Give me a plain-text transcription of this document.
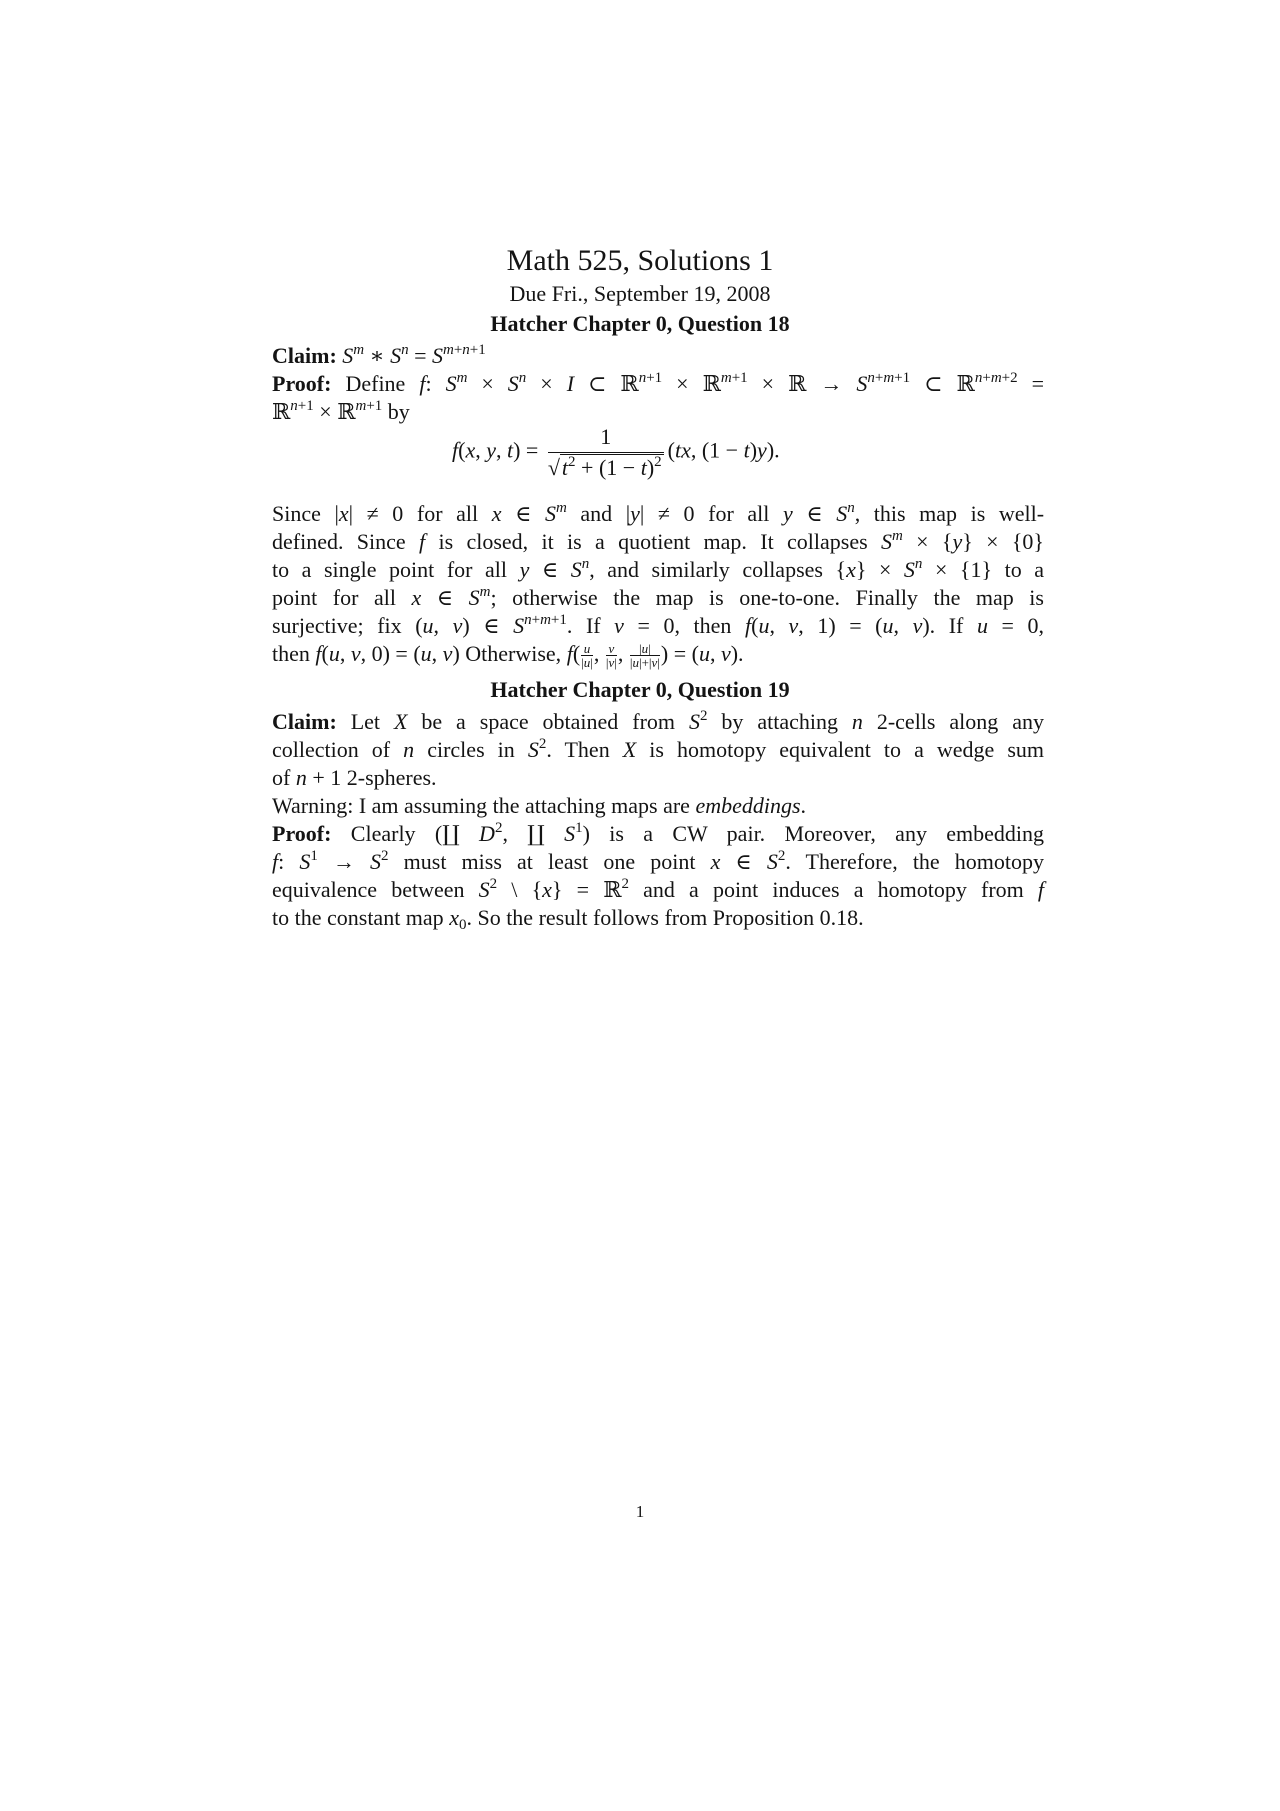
Math 525, Solutions 1
Due Fri., September 19, 2008
Hatcher Chapter 0, Question 18
Claim: $S^m$ ∗ $S^n = S^{m+n+1}$
Proof: Define f: $S^m \times S^n \times I$ ⊂ ℝ$^{n+1}$ × ℝ$^{m+1}$ × ℝ → $S^{n+m+1}$ ⊂ ℝ$^{n+m+2}$ =
ℝ$^{n+1}$ × ℝ$^{m+1}$ by
f(x, y, $t) = \frac{1}{√t^2 + (1 - t)^2} (tx$, (1 − t)y).
Since |x| ≠ 0 for all x ∈ $S^m$ and |y| ≠ 0 for all y ∈ $S^n$, this map is well-
defined. Since f is closed, it is a quotient map. It collapses $S^m \times \{y\} \times \{0\}$
to a single point for all y ∈ $S^n$, and similarly collapses $\{x\} \times S^n \times \{1\}$ to a
point for all x ∈ $S^m$; otherwise the map is one-to-one. Finally the map is
surjective; fix (u, v) ∈ $S^{n+m+1}$. If v = 0, then f(u, v, 1) = (u, v). If u = 0,
then f(u, v, 0) = (u, v) Otherwise, $f( \frac{u}{|u|}$ , $\frac{v}{|v|}$ , $\frac{|u|}{|u|+|v|}$ ) = (u, v).
Hatcher Chapter 0, Question 19
Claim: Let X be a space obtained from $S^2$ by attaching n 2-cells along any
collection of n circles in $S^2$. Then X is homotopy equivalent to a wedge sum
of n + 1 2-spheres.
Warning: I am assuming the attaching maps are embeddings.
Proof: Clearly (∐ $D^2$, ∐ $S^1$) is a CW pair. Moreover, any embedding
f: $S^1 \to S^2$ must miss at least one point x ∈ $S^2$. Therefore, the homotopy
equivalence between $S^2$ \ {x} = ℝ$^2$ and a point induces a homotopy from f
to the constant map $x_0$. So the result follows from Proposition 0.18.
1
